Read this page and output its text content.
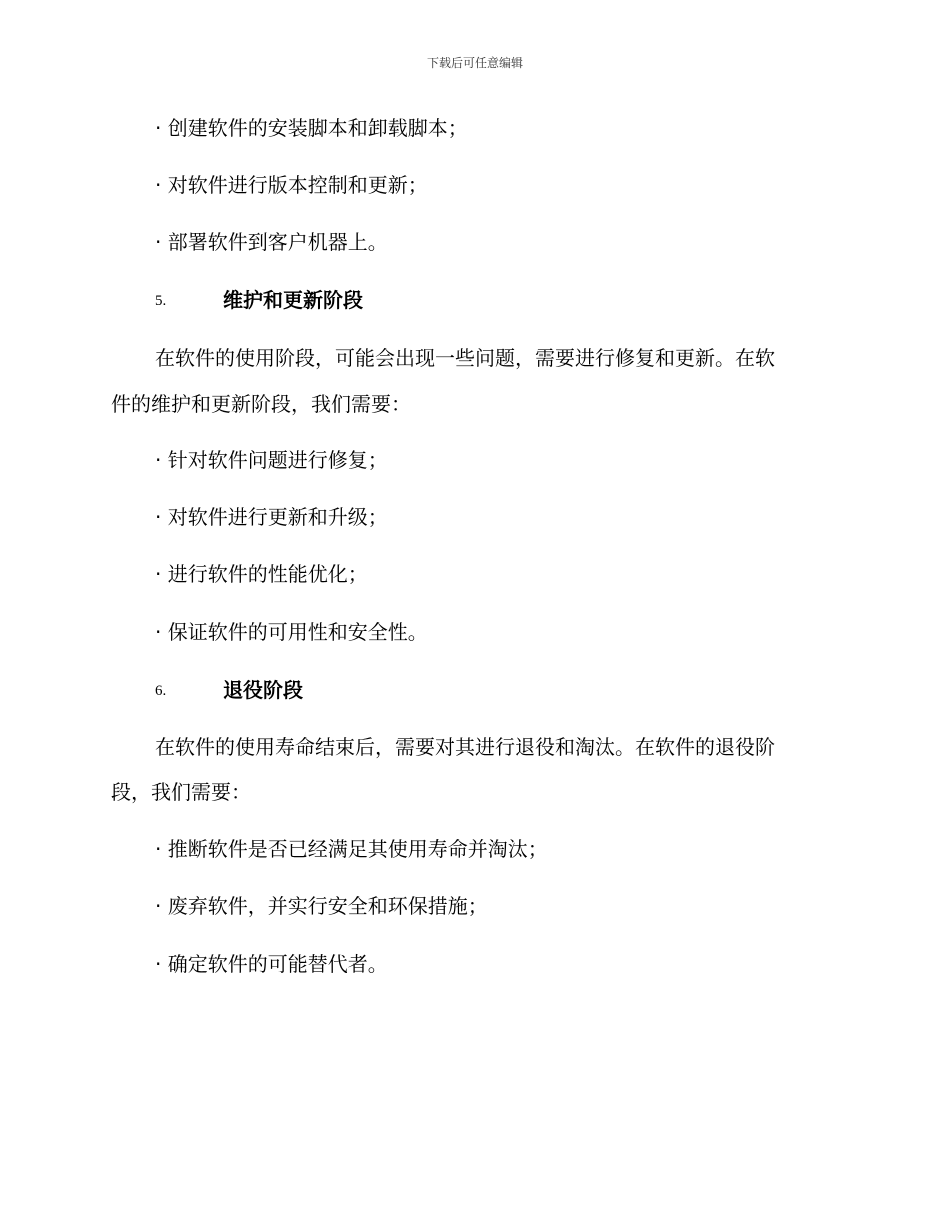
下载后可任意编辑
· 创建软件的安装脚本和卸载脚本；
· 对软件进行版本控制和更新；
· 部署软件到客户机器上。
5.	维护和更新阶段
在软件的使用阶段，可能会出现一些问题，需要进行修复和更新。在软
件的维护和更新阶段，我们需要：
· 针对软件问题进行修复；
· 对软件进行更新和升级；
· 进行软件的性能优化；
· 保证软件的可用性和安全性。
6.	退役阶段
在软件的使用寿命结束后，需要对其进行退役和淘汰。在软件的退役阶
段，我们需要：
· 推断软件是否已经满足其使用寿命并淘汰；
· 废弃软件，并实行安全和环保措施；
· 确定软件的可能替代者。
